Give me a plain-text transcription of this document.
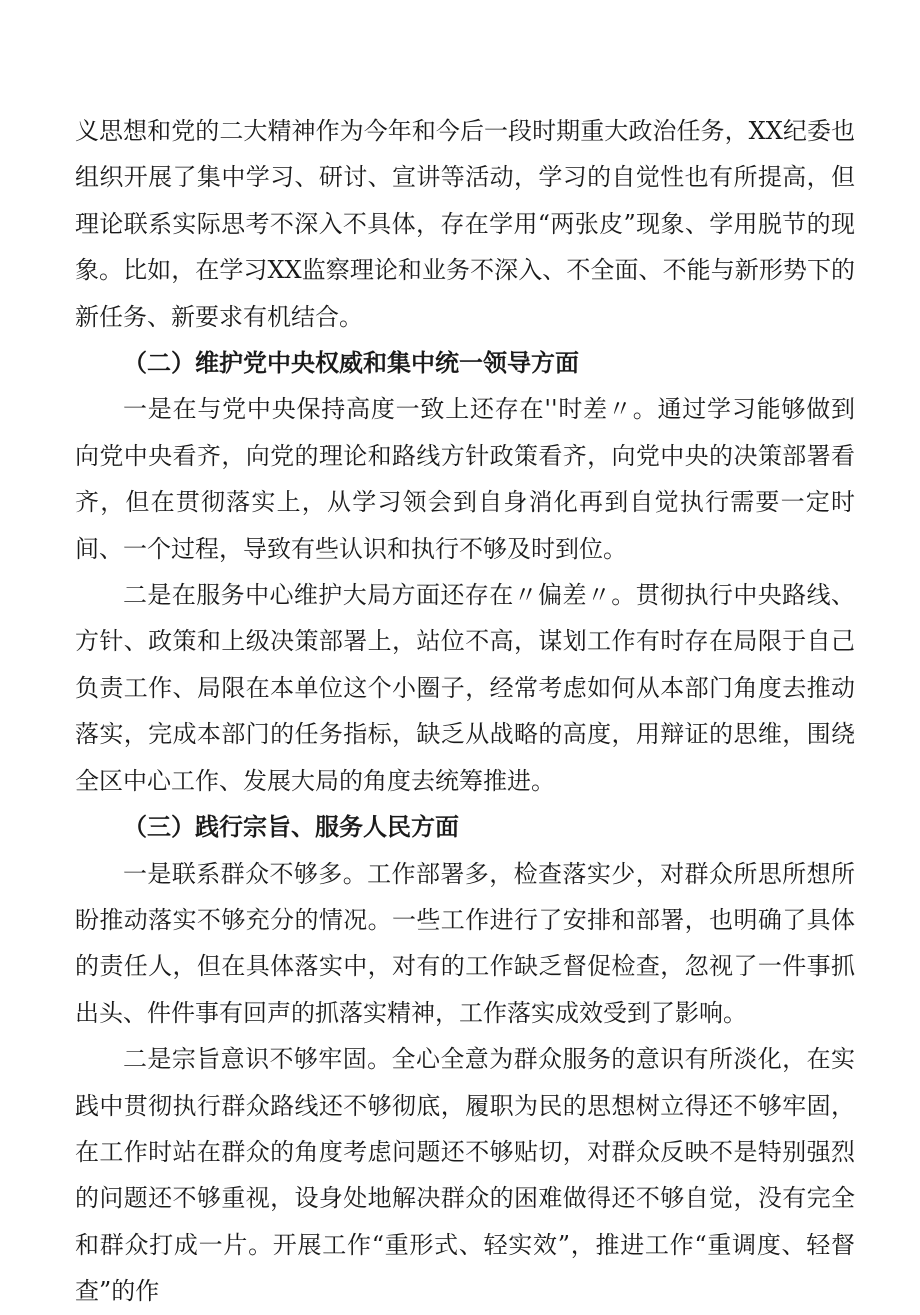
义思想和党的二大精神作为今年和今后一段时期重大政治任务，XX纪委也组织开展了集中学习、研讨、宣讲等活动，学习的自觉性也有所提高，但理论联系实际思考不深入不具体，存在学用“两张皮”现象、学用脱节的现象。比如，在学习XX监察理论和业务不深入、不全面、不能与新形势下的新任务、新要求有机结合。

（二）维护党中央权威和集中统一领导方面

一是在与党中央保持高度一致上还存在''时差〃。通过学习能够做到向党中央看齐，向党的理论和路线方针政策看齐，向党中央的决策部署看齐，但在贯彻落实上，从学习领会到自身消化再到自觉执行需要一定时间、一个过程，导致有些认识和执行不够及时到位。

二是在服务中心维护大局方面还存在〃偏差〃。贯彻执行中央路线、方针、政策和上级决策部署上，站位不高，谋划工作有时存在局限于自己负责工作、局限在本单位这个小圈子，经常考虑如何从本部门角度去推动落实，完成本部门的任务指标，缺乏从战略的高度，用辩证的思维，围绕全区中心工作、发展大局的角度去统筹推进。

（三）践行宗旨、服务人民方面

一是联系群众不够多。工作部署多，检查落实少，对群众所思所想所盼推动落实不够充分的情况。一些工作进行了安排和部署，也明确了具体的责任人，但在具体落实中，对有的工作缺乏督促检查，忽视了一件事抓出头、件件事有回声的抓落实精神，工作落实成效受到了影响。

二是宗旨意识不够牢固。全心全意为群众服务的意识有所淡化，在实践中贯彻执行群众路线还不够彻底，履职为民的思想树立得还不够牢固，在工作时站在群众的角度考虑问题还不够贴切，对群众反映不是特别强烈的问题还不够重视，设身处地解决群众的困难做得还不够自觉，没有完全和群众打成一片。开展工作“重形式、轻实效”，推进工作“重调度、轻督查”的作
